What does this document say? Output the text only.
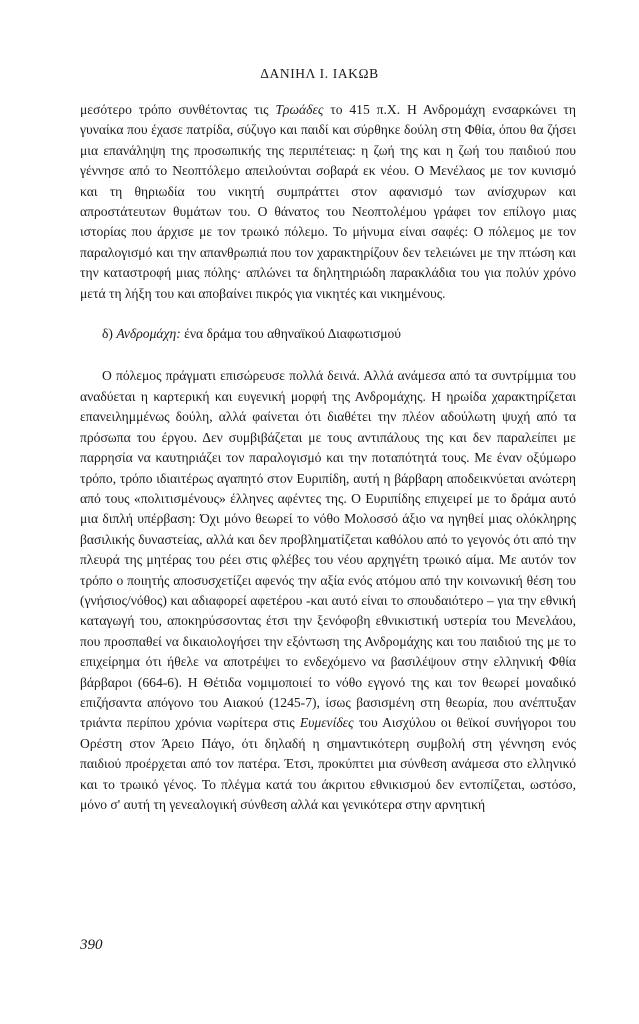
ΔΑΝΙΗΛ Ι. ΙΑΚΩΒ

μεσότερο τρόπο συνθέτοντας τις Τρωάδες το 415 π.Χ. Η Ανδρομάχη ενσαρκώνει τη γυναίκα που έχασε πατρίδα, σύζυγο και παιδί και σύρθηκε δούλη στη Φθία, όπου θα ζήσει μια επανάληψη της προσωπικής της περιπέτειας: η ζωή της και η ζωή του παιδιού που γέννησε από το Νεοπτόλεμο απειλούνται σοβαρά εκ νέου. Ο Μενέλαος με τον κυνισμό και τη θηριωδία του νικητή συμπράττει στον αφανισμό των ανίσχυρων και απροστάτευτων θυμάτων του. Ο θάνατος του Νεοπτολέμου γράφει τον επίλογο μιας ιστορίας που άρχισε με τον τρωικό πόλεμο. Το μήνυμα είναι σαφές: Ο πόλεμος με τον παραλογισμό και την απανθρωπιά που τον χαρακτηρίζουν δεν τελειώνει με την πτώση και την καταστροφή μιας πόλης· απλώνει τα δηλητηριώδη παρακλάδια του για πολύν χρόνο μετά τη λήξη του και αποβαίνει πικρός για νικητές και νικημένους.

δ) Ανδρομάχη: ένα δράμα του αθηναϊκού Διαφωτισμού

Ο πόλεμος πράγματι επισώρευσε πολλά δεινά. Αλλά ανάμεσα από τα συντρίμμια του αναδύεται η καρτερική και ευγενική μορφή της Ανδρομάχης. Η ηρωίδα χαρακτηρίζεται επανειλημμένως δούλη, αλλά φαίνεται ότι διαθέτει την πλέον αδούλωτη ψυχή από τα πρόσωπα του έργου. Δεν συμβιβάζεται με τους αντιπάλους της και δεν παραλείπει με παρρησία να καυτηριάζει τον παραλογισμό και την ποταπότητά τους. Με έναν οξύμωρο τρόπο, τρόπο ιδιαιτέρως αγαπητό στον Ευριπίδη, αυτή η βάρβαρη αποδεικνύεται ανώτερη από τους «πολιτισμένους» έλληνες αφέντες της. Ο Ευριπίδης επιχειρεί με το δράμα αυτό μια διπλή υπέρβαση: Όχι μόνο θεωρεί το νόθο Μολοσσό άξιο να ηγηθεί μιας ολόκληρης βασιλικής δυναστείας, αλλά και δεν προβληματίζεται καθόλου από το γεγονός ότι από την πλευρά της μητέρας του ρέει στις φλέβες του νέου αρχηγέτη τρωικό αίμα. Με αυτόν τον τρόπο ο ποιητής αποσυσχετίζει αφενός την αξία ενός ατόμου από την κοινωνική θέση του (γνήσιος/νόθος) και αδιαφορεί αφετέρου -και αυτό είναι το σπουδαιότερο – για την εθνική καταγωγή του, αποκηρύσσοντας έτσι την ξενόφοβη εθνικιστική υστερία του Μενελάου, που προσπαθεί να δικαιολογήσει την εξόντωση της Ανδρομάχης και του παιδιού της με το επιχείρημα ότι ήθελε να αποτρέψει το ενδεχόμενο να βασιλέψουν στην ελληνική Φθία βάρβαροι (664-6). Η Θέτιδα νομιμοποιεί το νόθο εγγονό της και τον θεωρεί μοναδικό επιζήσαντα απόγονο του Αιακού (1245-7), ίσως βασισμένη στη θεωρία, που ανέπτυξαν τριάντα περίπου χρόνια νωρίτερα στις Ευμενίδες του Αισχύλου οι θεϊκοί συνήγοροι του Ορέστη στον Άρειο Πάγο, ότι δηλαδή η σημαντικότερη συμβολή στη γέννηση ενός παιδιού προέρχεται από τον πατέρα. Έτσι, προκύπτει μια σύνθεση ανάμεσα στο ελληνικό και το τρωικό γένος. Το πλέγμα κατά του άκριτου εθνικισμού δεν εντοπίζεται, ωστόσο, μόνο σ' αυτή τη γενεαλογική σύνθεση αλλά και γενικότερα στην αρνητική

390
